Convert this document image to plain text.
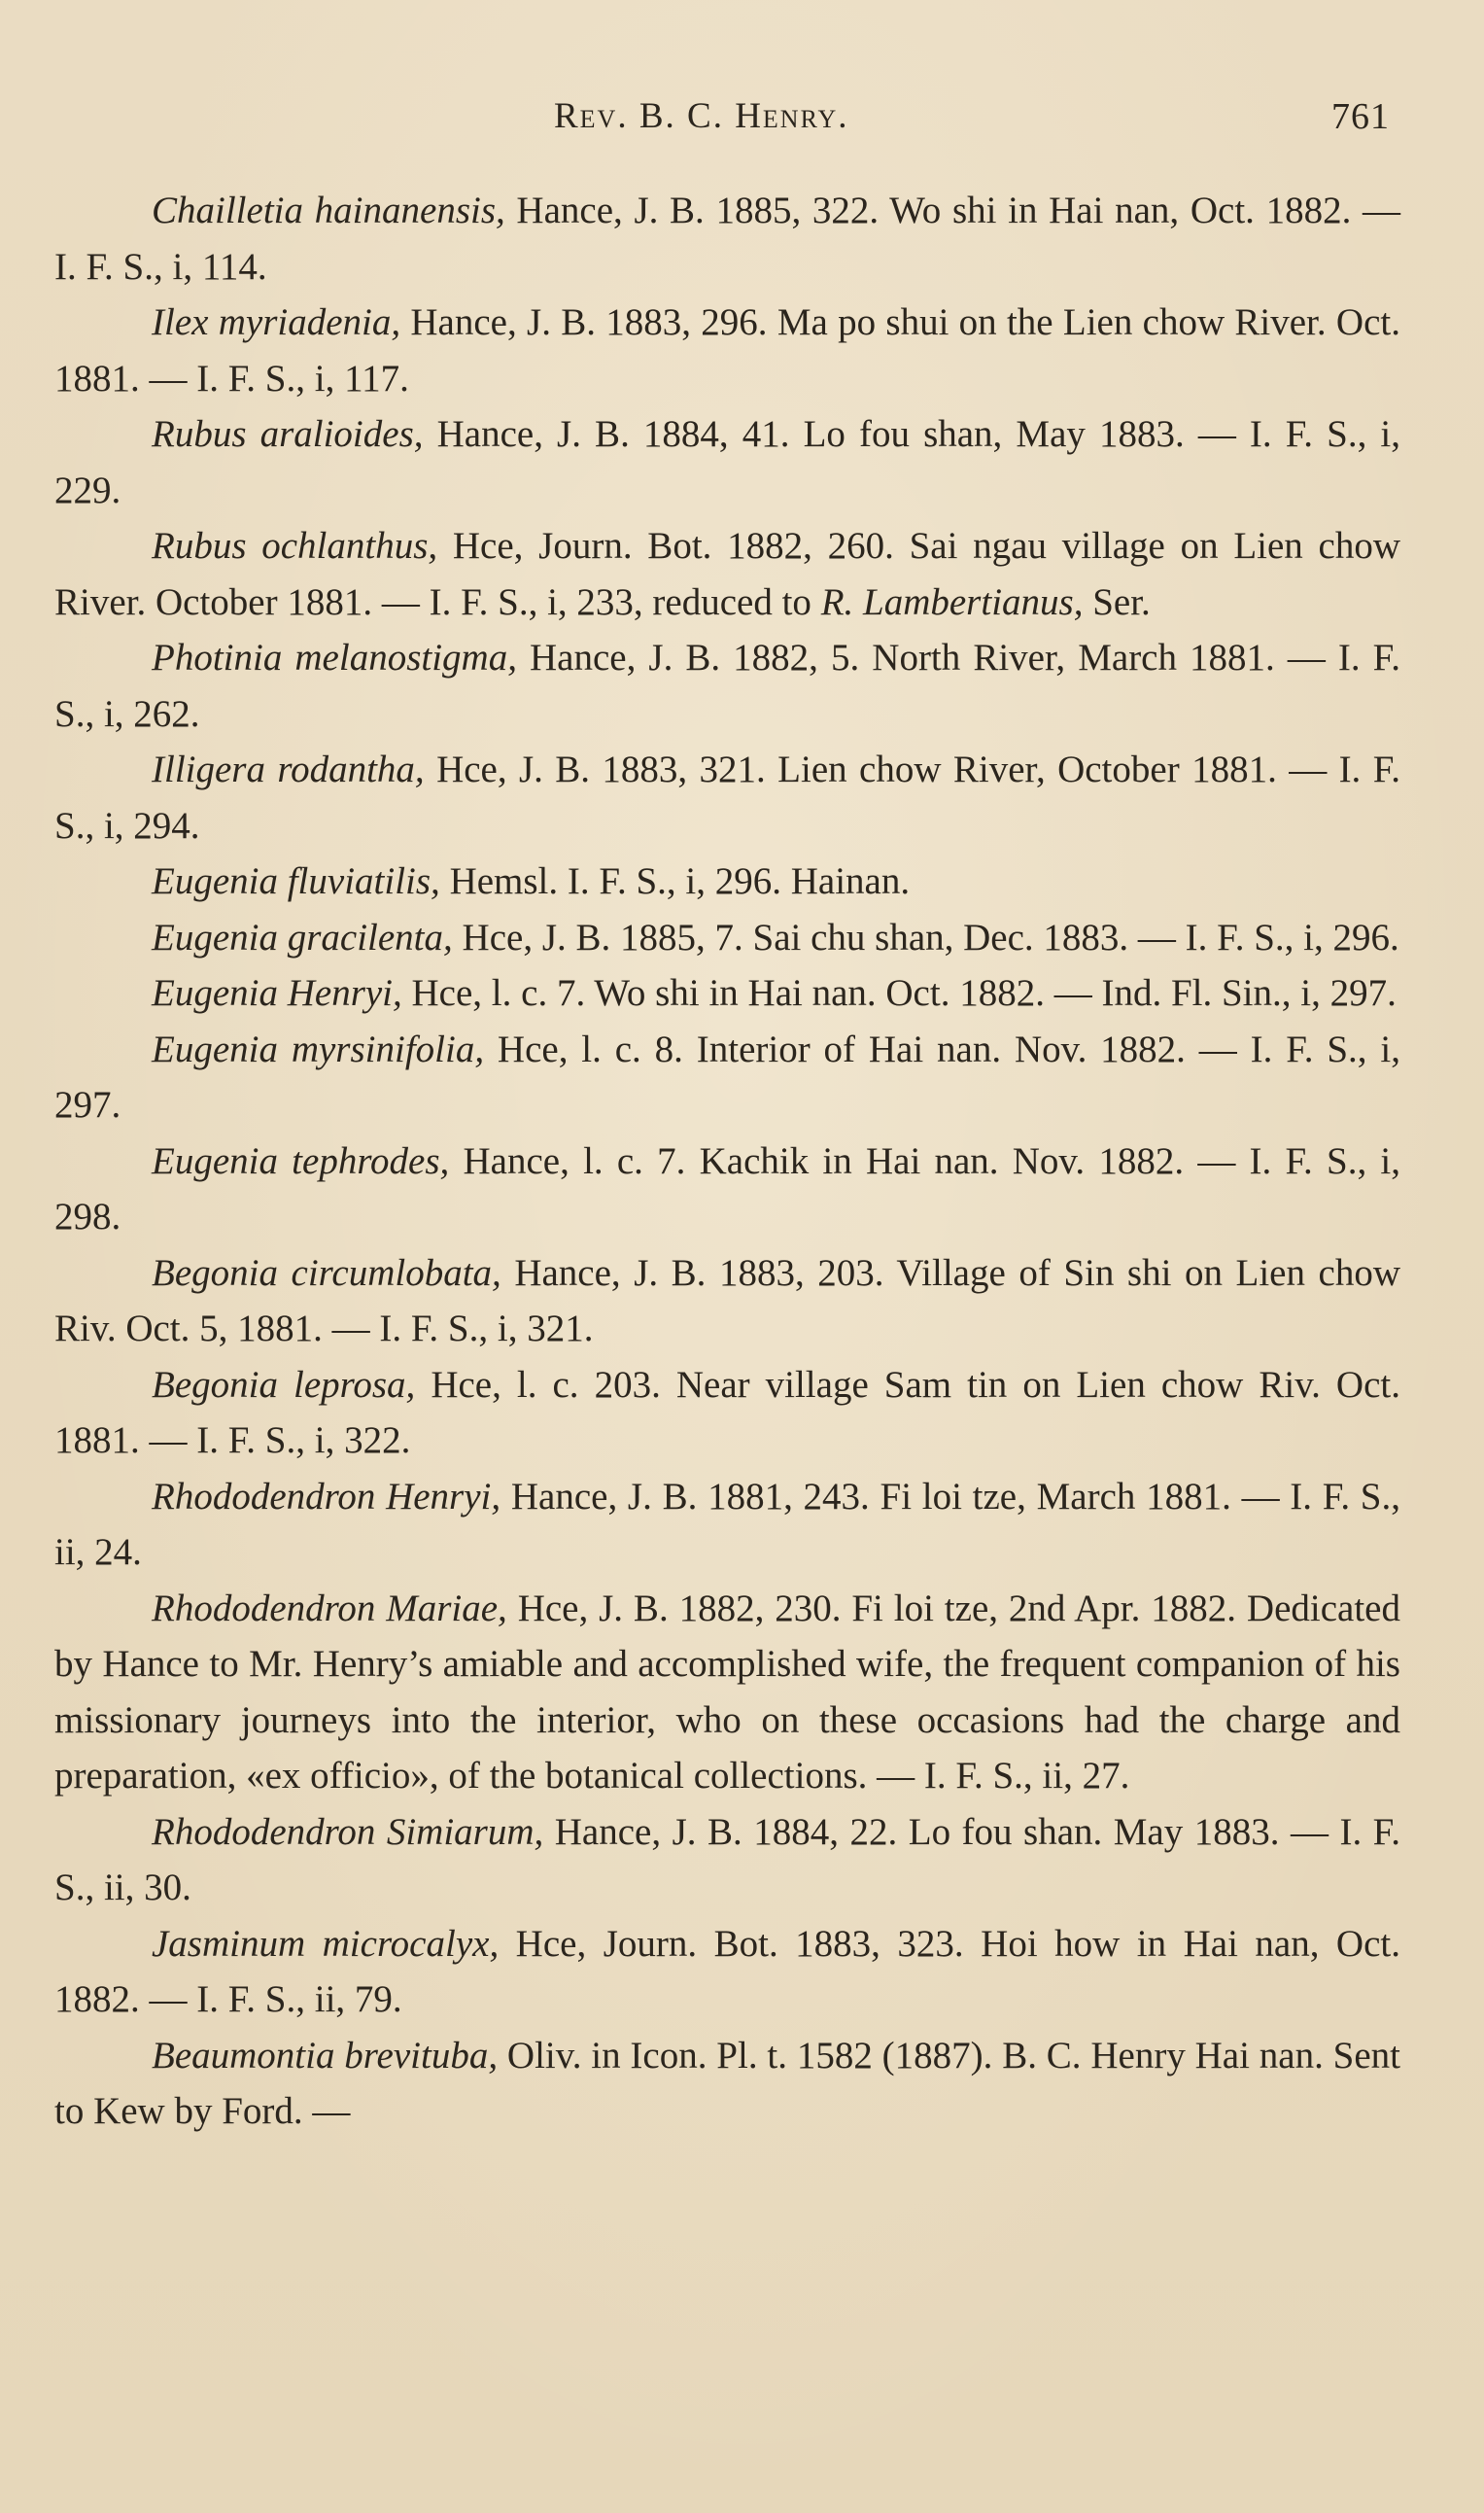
Rev. B. C. Henry.	761

Chailletia hainanensis, Hance, J. B. 1885, 322. Wo shi in Hai nan, Oct. 1882. — I. F. S., i, 114.

Ilex myriadenia, Hance, J. B. 1883, 296. Ma po shui on the Lien chow River. Oct. 1881. — I. F. S., i, 117.

Rubus aralioides, Hance, J. B. 1884, 41. Lo fou shan, May 1883. — I. F. S., i, 229.

Rubus ochlanthus, Hce, Journ. Bot. 1882, 260. Sai ngau village on Lien chow River. October 1881. — I. F. S., i, 233, reduced to R. Lambertianus, Ser.

Photinia melanostigma, Hance, J. B. 1882, 5. North River, March 1881. — I. F. S., i, 262.

Illigera rodantha, Hce, J. B. 1883, 321. Lien chow River, October 1881. — I. F. S., i, 294.

Eugenia fluviatilis, Hemsl. I. F. S., i, 296. Hainan.

Eugenia gracilenta, Hce, J. B. 1885, 7. Sai chu shan, Dec. 1883. — I. F. S., i, 296.

Eugenia Henryi, Hce, l. c. 7. Wo shi in Hai nan. Oct. 1882. — Ind. Fl. Sin., i, 297.

Eugenia myrsinifolia, Hce, l. c. 8. Interior of Hai nan. Nov. 1882. — I. F. S., i, 297.

Eugenia tephrodes, Hance, l. c. 7. Kachik in Hai nan. Nov. 1882. — I. F. S., i, 298.

Begonia circumlobata, Hance, J. B. 1883, 203. Village of Sin shi on Lien chow Riv. Oct. 5, 1881. — I. F. S., i, 321.

Begonia leprosa, Hce, l. c. 203. Near village Sam tin on Lien chow Riv. Oct. 1881. — I. F. S., i, 322.

Rhododendron Henryi, Hance, J. B. 1881, 243. Fi loi tze, March 1881. — I. F. S., ii, 24.

Rhododendron Mariae, Hce, J. B. 1882, 230. Fi loi tze, 2nd Apr. 1882. Dedicated by Hance to Mr. Henry’s amiable and accomplished wife, the frequent companion of his missionary journeys into the interior, who on these occasions had the charge and preparation, «ex officio», of the botanical collections. — I. F. S., ii, 27.

Rhododendron Simiarum, Hance, J. B. 1884, 22. Lo fou shan. May 1883. — I. F. S., ii, 30.

Jasminum microcalyx, Hce, Journ. Bot. 1883, 323. Hoi how in Hai nan, Oct. 1882. — I. F. S., ii, 79.

Beaumontia brevituba, Oliv. in Icon. Pl. t. 1582 (1887). B. C. Henry Hai nan. Sent to Kew by Ford. —
